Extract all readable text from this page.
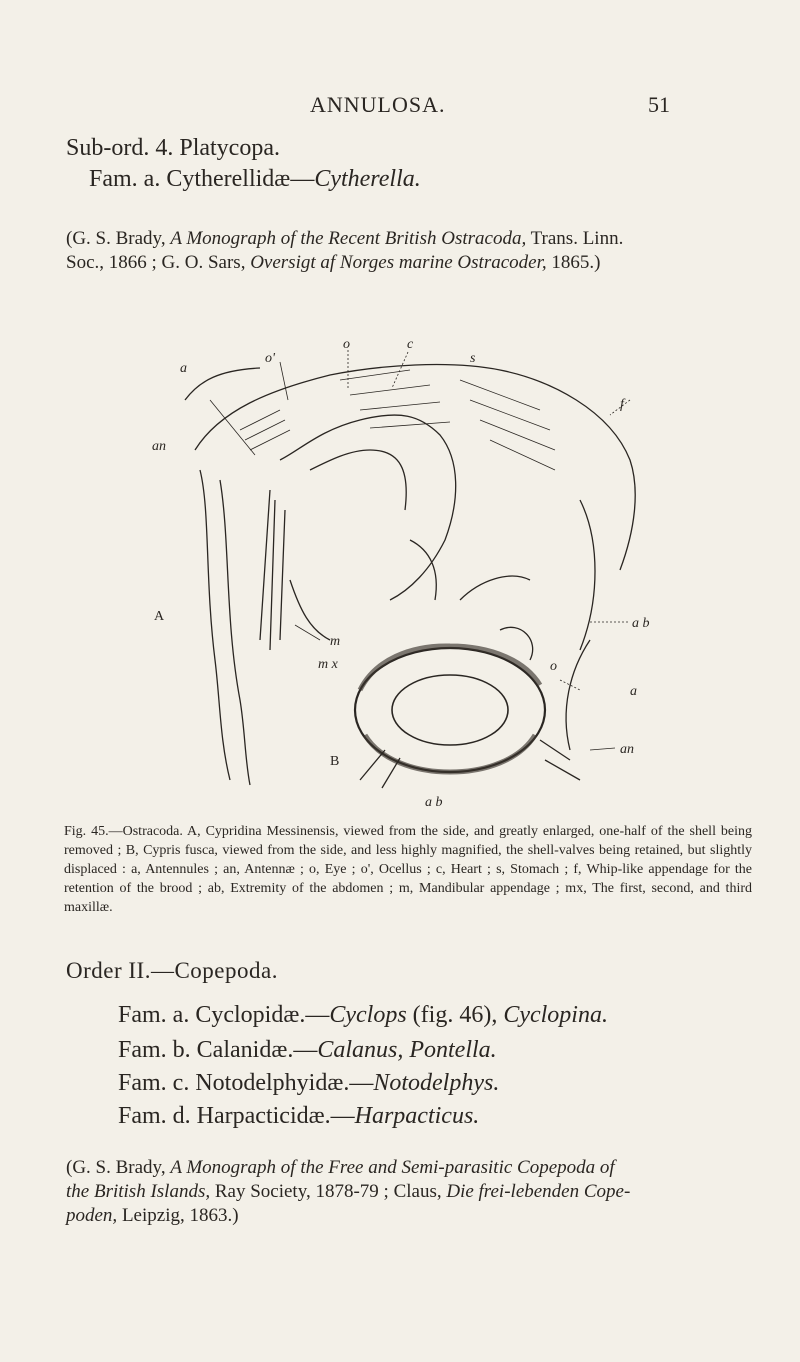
ANNULOSA.	51
Sub-ord. 4. Platycopa.
Fam. a. Cytherellidæ—Cytherella.
(G. S. Brady, A Monograph of the Recent British Ostracoda, Trans. Linn.
Soc., 1866 ; G. O. Sars, Oversigt af Norges marine Ostracoder, 1865.)
o
o'
c
s
a
f
an
A	a b
m
m x	o
a
B
an
a b
Fig. 45.—Ostracoda. A, Cypridina Messinensis, viewed from the side, and greatly enlarged, one-half of the shell being removed ; B, Cypris fusca, viewed from the side, and less highly magnified, the shell-valves being retained, but slightly displaced : a, Antennules ; an, Antennæ ; o, Eye ; o', Ocellus ; c, Heart ; s, Stomach ; f, Whip-like appendage for the retention of the brood ; ab, Extremity of the abdomen ; m, Mandibular appendage ; mx, The first, second, and third maxillæ.
Order II.—Copepoda.
Fam. a. Cyclopidæ.—Cyclops (fig. 46), Cyclopina.
Fam. b. Calanidæ.—Calanus, Pontella.
Fam. c. Notodelphyidæ.—Notodelphys.
Fam. d. Harpacticidæ.—Harpacticus.
(G. S. Brady, A Monograph of the Free and Semi-parasitic Copepoda of
the British Islands, Ray Society, 1878-79 ; Claus, Die frei-lebenden Cope-
poden, Leipzig, 1863.)
